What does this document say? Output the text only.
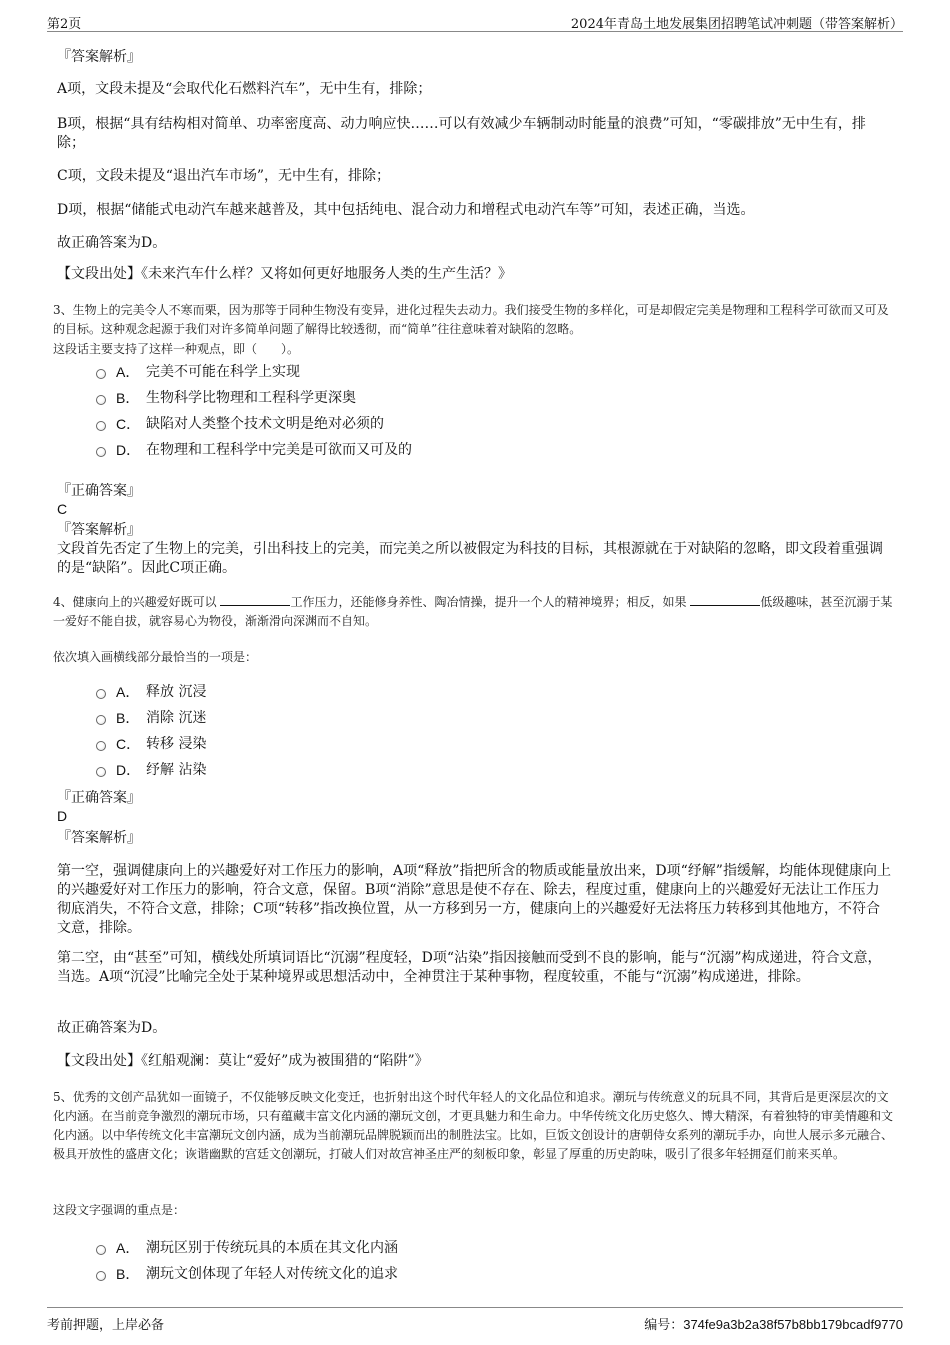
第2页	2024年青岛土地发展集团招聘笔试冲刺题（带答案解析）
『答案解析』
A项，文段未提及“会取代化石燃料汽车”，无中生有，排除；
B项，根据“具有结构相对简单、功率密度高、动力响应快……可以有效减少车辆制动时能量的浪费”可知，“零碳排放”无中生有，排除；
C项，文段未提及“退出汽车市场”，无中生有，排除；
D项，根据“储能式电动汽车越来越普及，其中包括纯电、混合动力和增程式电动汽车等”可知，表述正确，当选。
故正确答案为D。
【文段出处】《未来汽车什么样？又将如何更好地服务人类的生产生活？》
3、生物上的完美令人不寒而栗，因为那等于同种生物没有变异，进化过程失去动力。我们接受生物的多样化，可是却假定完美是物理和工程科学可欲而又可及的目标。这种观念起源于我们对许多简单问题了解得比较透彻，而“简单”往往意味着对缺陷的忽略。
这段话主要支持了这样一种观点，即（　　）。
A． 完美不可能在科学上实现
B． 生物科学比物理和工程科学更深奥
C． 缺陷对人类整个技术文明是绝对必须的
D． 在物理和工程科学中完美是可欲而又可及的
『正确答案』
C
『答案解析』
文段首先否定了生物上的完美，引出科技上的完美，而完美之所以被假定为科技的目标，其根源就在于对缺陷的忽略，即文段着重强调的是“缺陷”。因此C项正确。
4、健康向上的兴趣爱好既可以	工作压力，还能修身养性、陶冶情操，提升一个人的精神境界；相反，如果	低级趣味，甚至沉溺于某一爱好不能自拔，就容易心为物役，渐渐滑向深渊而不自知。
依次填入画横线部分最恰当的一项是：
A． 释放 沉浸
B． 消除 沉迷
C． 转移 浸染
D． 纾解 沾染
『正确答案』
D
『答案解析』
第一空，强调健康向上的兴趣爱好对工作压力的影响，A项“释放”指把所含的物质或能量放出来，D项“纾解”指缓解，均能体现健康向上的兴趣爱好对工作压力的影响，符合文意，保留。B项“消除”意思是使不存在、除去，程度过重，健康向上的兴趣爱好无法让工作压力彻底消失，不符合文意，排除；C项“转移”指改换位置，从一方移到另一方，健康向上的兴趣爱好无法将压力转移到其他地方，不符合文意，排除。
第二空，由“甚至”可知，横线处所填词语比“沉溺”程度轻，D项“沾染”指因接触而受到不良的影响，能与“沉溺”构成递进，符合文意，当选。A项“沉浸”比喻完全处于某种境界或思想活动中，全神贯注于某种事物，程度较重，不能与“沉溺”构成递进，排除。
故正确答案为D。
【文段出处】《红船观澜：莫让“爱好”成为被围猎的“陷阱”》
5、优秀的文创产品犹如一面镜子，不仅能够反映文化变迁，也折射出这个时代年轻人的文化品位和追求。潮玩与传统意义的玩具不同，其背后是更深层次的文化内涵。在当前竞争激烈的潮玩市场，只有蕴藏丰富文化内涵的潮玩文创，才更具魅力和生命力。中华传统文化历史悠久、博大精深，有着独特的审美情趣和文化内涵。以中华传统文化丰富潮玩文创内涵，成为当前潮玩品牌脱颖而出的制胜法宝。比如，巨饭文创设计的唐朝侍女系列的潮玩手办，向世人展示多元融合、极具开放性的盛唐文化；诙谐幽默的宫廷文创潮玩，打破人们对故宫神圣庄严的刻板印象，彰显了厚重的历史韵味，吸引了很多年轻拥趸们前来买单。
这段文字强调的重点是：
A． 潮玩区别于传统玩具的本质在其文化内涵
B． 潮玩文创体现了年轻人对传统文化的追求
考前押题，上岸必备	编号：374fe9a3b2a38f57b8bb179bcadf9770
